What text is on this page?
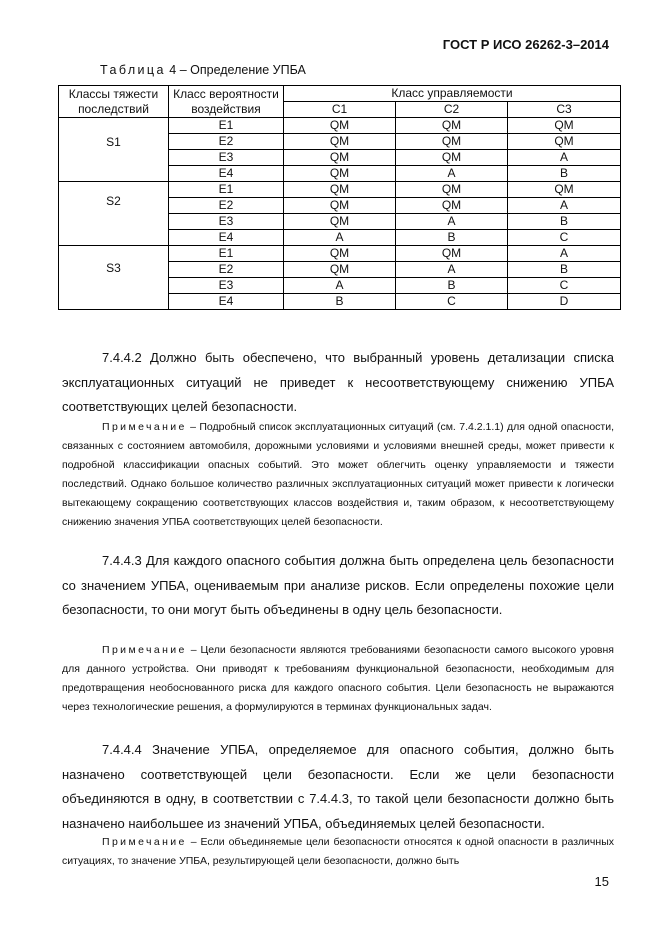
ГОСТ Р ИСО 26262-3–2014

Таблица 4 – Определение УПБА

Классы тяжести последствий	Класс вероятности воздействия	Класс управляемости		
		C1	C2	C3
S1	E1	QM	QM	QM
	E2	QM	QM	QM
	E3	QM	QM	A
	E4	QM	A	B
S2	E1	QM	QM	QM
	E2	QM	QM	A
	E3	QM	A	B
	E4	A	B	C
S3	E1	QM	QM	A
	E2	QM	A	B
	E3	A	B	C
	E4	B	C	D

7.4.4.2 Должно быть обеспечено, что выбранный уровень детализации списка эксплуатационных ситуаций не приведет к несоответствующему снижению УПБА соответствующих целей безопасности.

Примечание – Подробный список эксплуатационных ситуаций (см. 7.4.2.1.1) для одной опасности, связанных с состоянием автомобиля, дорожными условиями и условиями внешней среды, может привести к подробной классификации опасных событий. Это может облегчить оценку управляемости и тяжести последствий. Однако большое количество различных эксплуатационных ситуаций может привести к логически вытекающему сокращению соответствующих классов воздействия и, таким образом, к несоответствующему снижению значения УПБА соответствующих целей безопасности.

7.4.4.3 Для каждого опасного события должна быть определена цель безопасности со значением УПБА, оцениваемым при анализе рисков. Если определены похожие цели безопасности, то они могут быть объединены в одну цель безопасности.

Примечание – Цели безопасности являются требованиями безопасности самого высокого уровня для данного устройства. Они приводят к требованиям функциональной безопасности, необходимым для предотвращения необоснованного риска для каждого опасного события. Цели безопасность не выражаются через технологические решения, а формулируются в терминах функциональных задач.

7.4.4.4 Значение УПБА, определяемое для опасного события, должно быть назначено соответствующей цели безопасности. Если же цели безопасности объединяются в одну, в соответствии с 7.4.4.3, то такой цели безопасности должно быть назначено наибольшее из значений УПБА, объединяемых целей безопасности.

Примечание – Если объединяемые цели безопасности относятся к одной опасности в различных ситуациях, то значение УПБА, результирующей цели безопасности, должно быть

15
